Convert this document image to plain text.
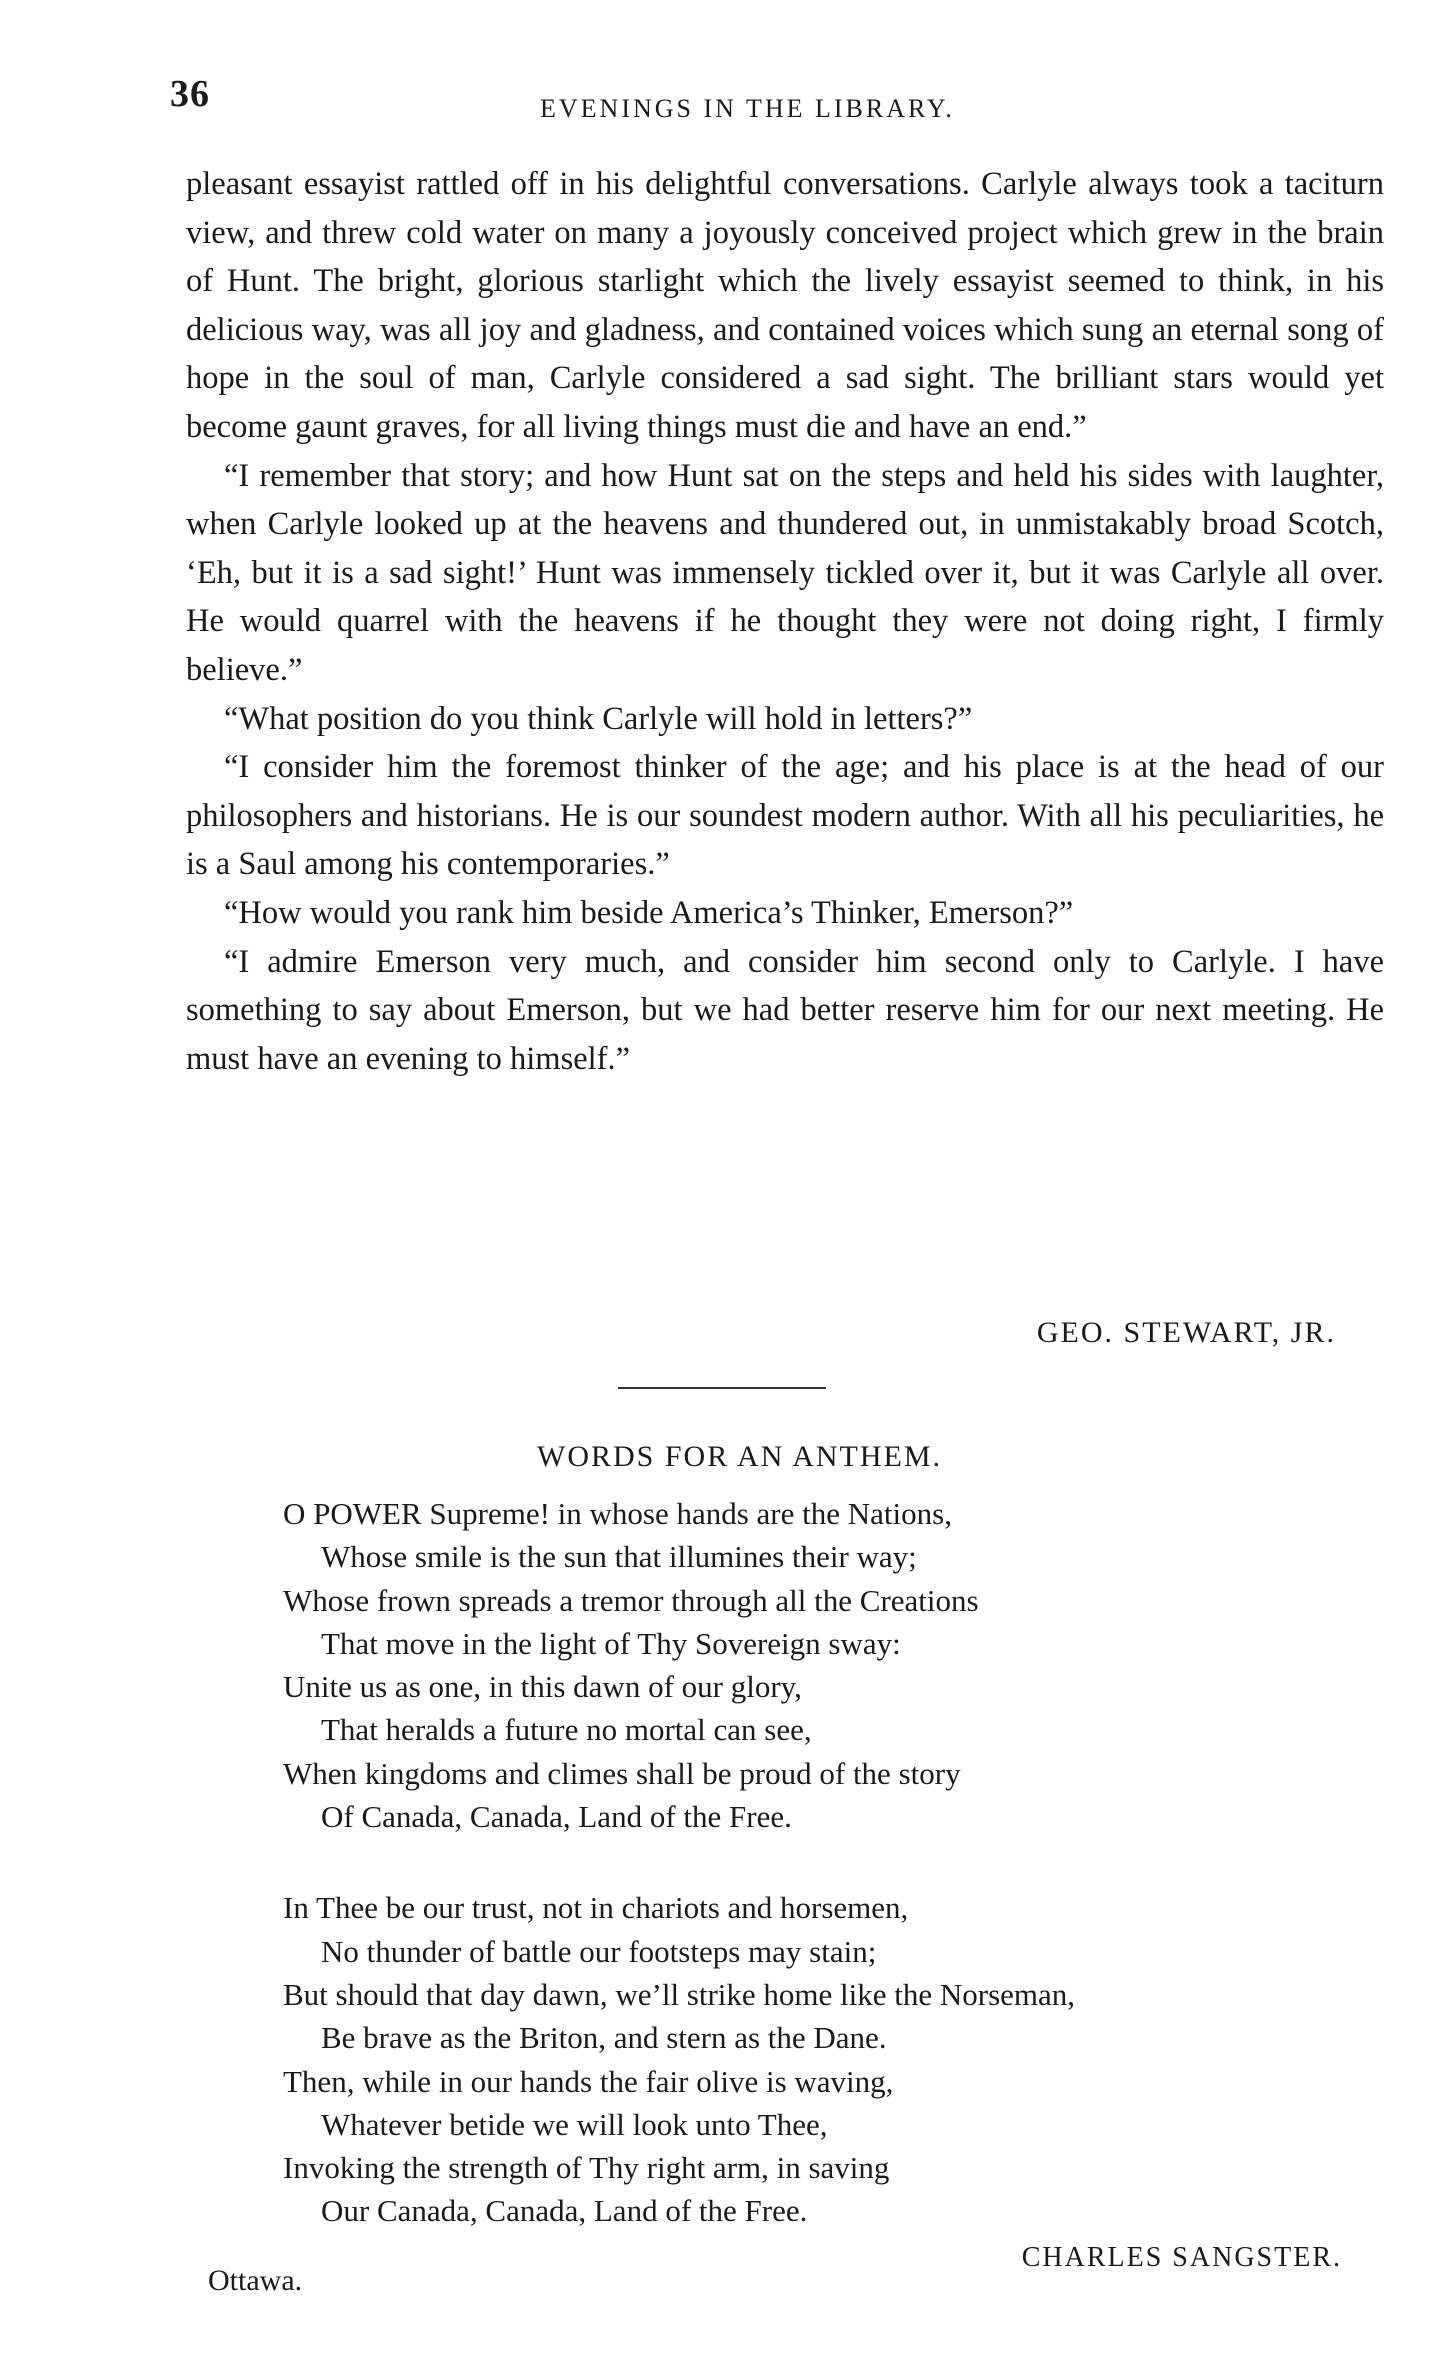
36	EVENINGS IN THE LIBRARY.

pleasant essayist rattled off in his delightful conversations. Carlyle always took a taciturn view, and threw cold water on many a joyously conceived project which grew in the brain of Hunt. The bright, glorious starlight which the lively essayist seemed to think, in his delicious way, was all joy and gladness, and contained voices which sung an eternal song of hope in the soul of man, Carlyle considered a sad sight. The brilliant stars would yet become gaunt graves, for all living things must die and have an end.”

“I remember that story; and how Hunt sat on the steps and held his sides with laughter, when Carlyle looked up at the heavens and thundered out, in unmistakably broad Scotch, ‘Eh, but it is a sad sight!’ Hunt was immensely tickled over it, but it was Carlyle all over. He would quarrel with the heavens if he thought they were not doing right, I firmly believe.”

“What position do you think Carlyle will hold in letters?”

“I consider him the foremost thinker of the age; and his place is at the head of our philosophers and historians. He is our soundest modern author. With all his peculiarities, he is a Saul among his contemporaries.”

“How would you rank him beside America’s Thinker, Emerson?”

“I admire Emerson very much, and consider him second only to Carlyle. I have something to say about Emerson, but we had better reserve him for our next meeting. He must have an evening to himself.”

GEO. STEWART, JR.
WORDS FOR AN ANTHEM.
O POWER Supreme! in whose hands are the Nations,
Whose smile is the sun that illumines their way;
Whose frown spreads a tremor through all the Creations
That move in the light of Thy Sovereign sway:
Unite us as one, in this dawn of our glory,
That heralds a future no mortal can see,
When kingdoms and climes shall be proud of the story
Of Canada, Canada, Land of the Free.
In Thee be our trust, not in chariots and horsemen,
No thunder of battle our footsteps may stain;
But should that day dawn, we’ll strike home like the Norseman,
Be brave as the Briton, and stern as the Dane.
Then, while in our hands the fair olive is waving,
Whatever betide we will look unto Thee,
Invoking the strength of Thy right arm, in saving
Our Canada, Canada, Land of the Free.
Ottawa.
CHARLES SANGSTER.
